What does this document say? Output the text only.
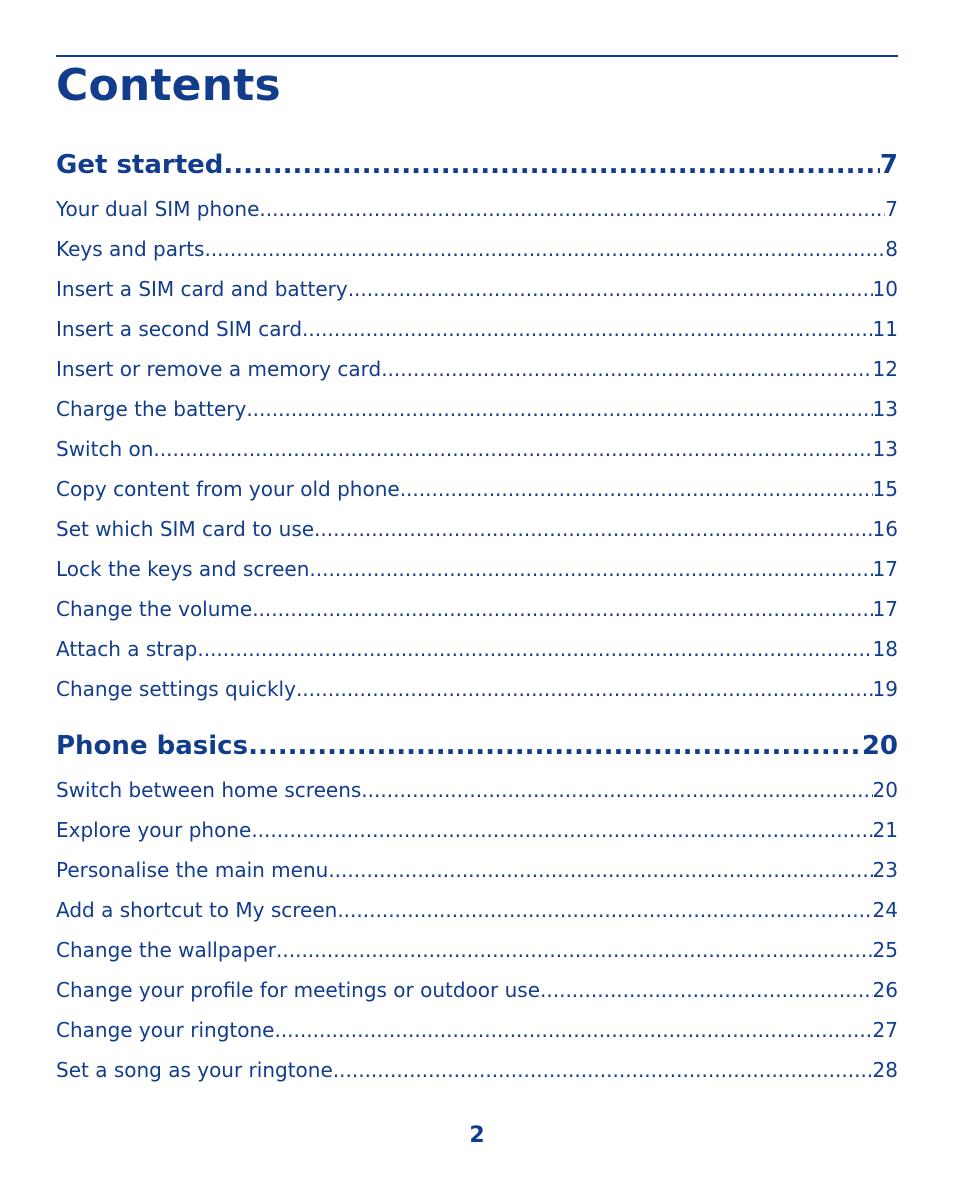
Contents
Get started .....	7
Your dual SIM phone .....	7
Keys and parts .....	8
Insert a SIM card and battery .....	10
Insert a second SIM card .....	11
Insert or remove a memory card .....	12
Charge the battery .....	13
Switch on .....	13
Copy content from your old phone .....	15
Set which SIM card to use .....	16
Lock the keys and screen .....	17
Change the volume .....	17
Attach a strap .....	18
Change settings quickly .....	19
Phone basics .....	20
Switch between home screens .....	20
Explore your phone .....	21
Personalise the main menu .....	23
Add a shortcut to My screen .....	24
Change the wallpaper .....	25
Change your profile for meetings or outdoor use .....	26
Change your ringtone .....	27
Set a song as your ringtone .....	28
2
